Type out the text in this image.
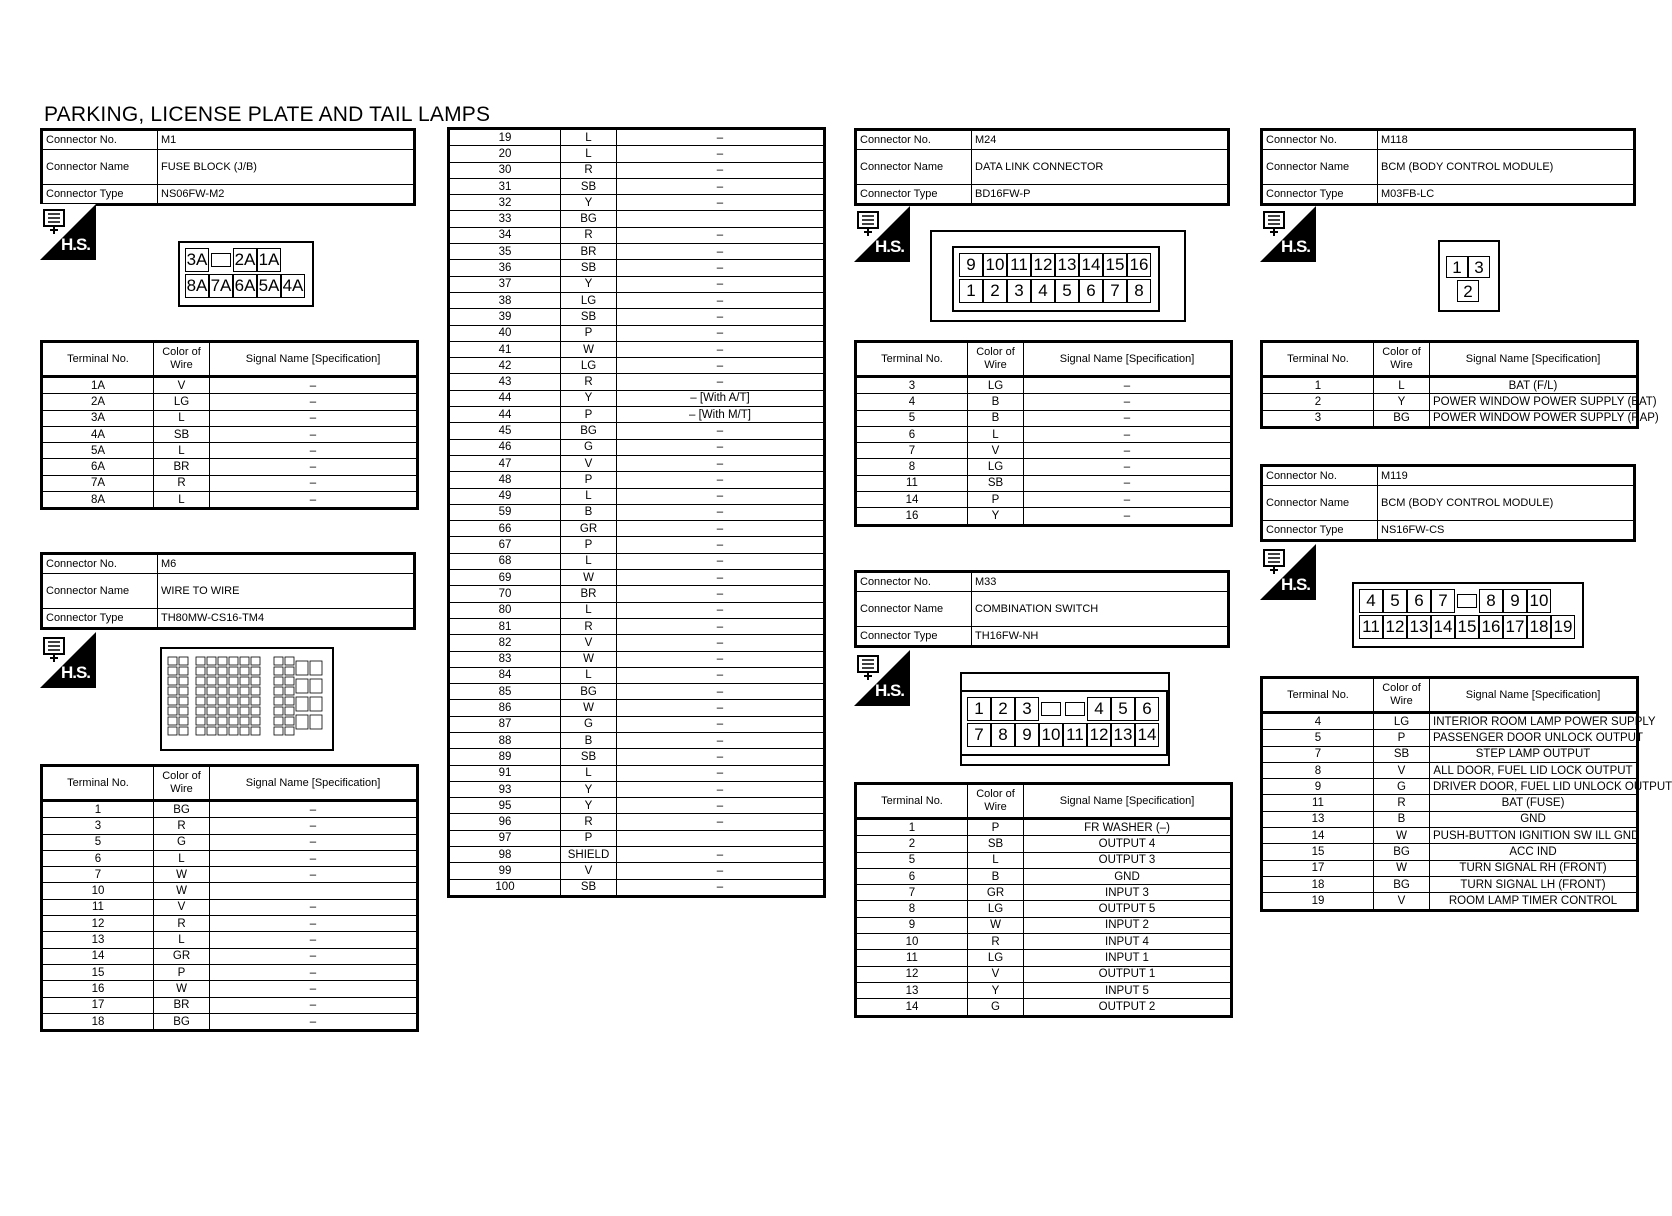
PARKING, LICENSE PLATE AND TAIL LAMPS
Connector No.	M1
Connector Name	FUSE BLOCK (J/B)
Connector Type	NS06FW-M2
H.S.
3A 2A 1A
8A 7A 6A 5A 4A
Terminal No.	Color of Wire	Signal Name [Specification]
1A	V	–
2A	LG	–
3A	L	–
4A	SB	–
5A	L	–
6A	BR	–
7A	R	–
8A	L	–
Connector No.	M6
Connector Name	WIRE TO WIRE
Connector Type	TH80MW-CS16-TM4
H.S.
Terminal No.	Color of Wire	Signal Name [Specification]
1	BG	–
3	R	–
5	G	–
6	L	–
7	W	–
10	W	
11	V	–
12	R	–
13	L	–
14	GR	–
15	P	–
16	W	–
17	BR	–
18	BG	–
19	L	–
20	L	–
30	R	–
31	SB	–
32	Y	–
33	BG	
34	R	–
35	BR	–
36	SB	–
37	Y	–
38	LG	–
39	SB	–
40	P	–
41	W	–
42	LG	–
43	R	–
44	Y	– [With A/T]
44	P	– [With M/T]
45	BG	–
46	G	–
47	V	–
48	P	–
49	L	–
59	B	–
66	GR	–
67	P	–
68	L	–
69	W	–
70	BR	–
80	L	–
81	R	–
82	V	–
83	W	–
84	L	–
85	BG	–
86	W	–
87	G	–
88	B	–
89	SB	–
91	L	–
93	Y	–
95	Y	–
96	R	–
97	P	
98	SHIELD	–
99	V	–
100	SB	–
Connector No.	M24
Connector Name	DATA LINK CONNECTOR
Connector Type	BD16FW-P
H.S.
9 10 11 12 13 14 15 16
1 2 3 4 5 6 7 8
Terminal No.	Color of Wire	Signal Name [Specification]
3	LG	–
4	B	–
5	B	–
6	L	–
7	V	–
8	LG	–
11	SB	–
14	P	–
16	Y	–
Connector No.	M33
Connector Name	COMBINATION SWITCH
Connector Type	TH16FW-NH
H.S.
1 2 3	4 5 6
7 8 9 10 11 12 13 14
Terminal No.	Color of Wire	Signal Name [Specification]
1	P	FR WASHER (–)
2	SB	OUTPUT 4
5	L	OUTPUT 3
6	B	GND
7	GR	INPUT 3
8	LG	OUTPUT 5
9	W	INPUT 2
10	R	INPUT 4
11	LG	INPUT 1
12	V	OUTPUT 1
13	Y	INPUT 5
14	G	OUTPUT 2
Connector No.	M118
Connector Name	BCM (BODY CONTROL MODULE)
Connector Type	M03FB-LC
H.S.
1 3
2
Terminal No.	Color of Wire	Signal Name [Specification]
1	L	BAT (F/L)
2	Y	POWER WINDOW POWER SUPPLY (BAT)
3	BG	POWER WINDOW POWER SUPPLY (RAP)
Connector No.	M119
Connector Name	BCM (BODY CONTROL MODULE)
Connector Type	NS16FW-CS
H.S.
4 5 6 7	8 9 10
11 12 13 14 15 16 17 18 19
Terminal No.	Color of Wire	Signal Name [Specification]
4	LG	INTERIOR ROOM LAMP POWER SUPPLY
5	P	PASSENGER DOOR UNLOCK OUTPUT
7	SB	STEP LAMP OUTPUT
8	V	ALL DOOR, FUEL LID LOCK OUTPUT
9	G	DRIVER DOOR, FUEL LID UNLOCK OUTPUT
11	R	BAT (FUSE)
13	B	GND
14	W	PUSH-BUTTON IGNITION SW ILL GND
15	BG	ACC IND
17	W	TURN SIGNAL RH (FRONT)
18	BG	TURN SIGNAL LH (FRONT)
19	V	ROOM LAMP TIMER CONTROL
